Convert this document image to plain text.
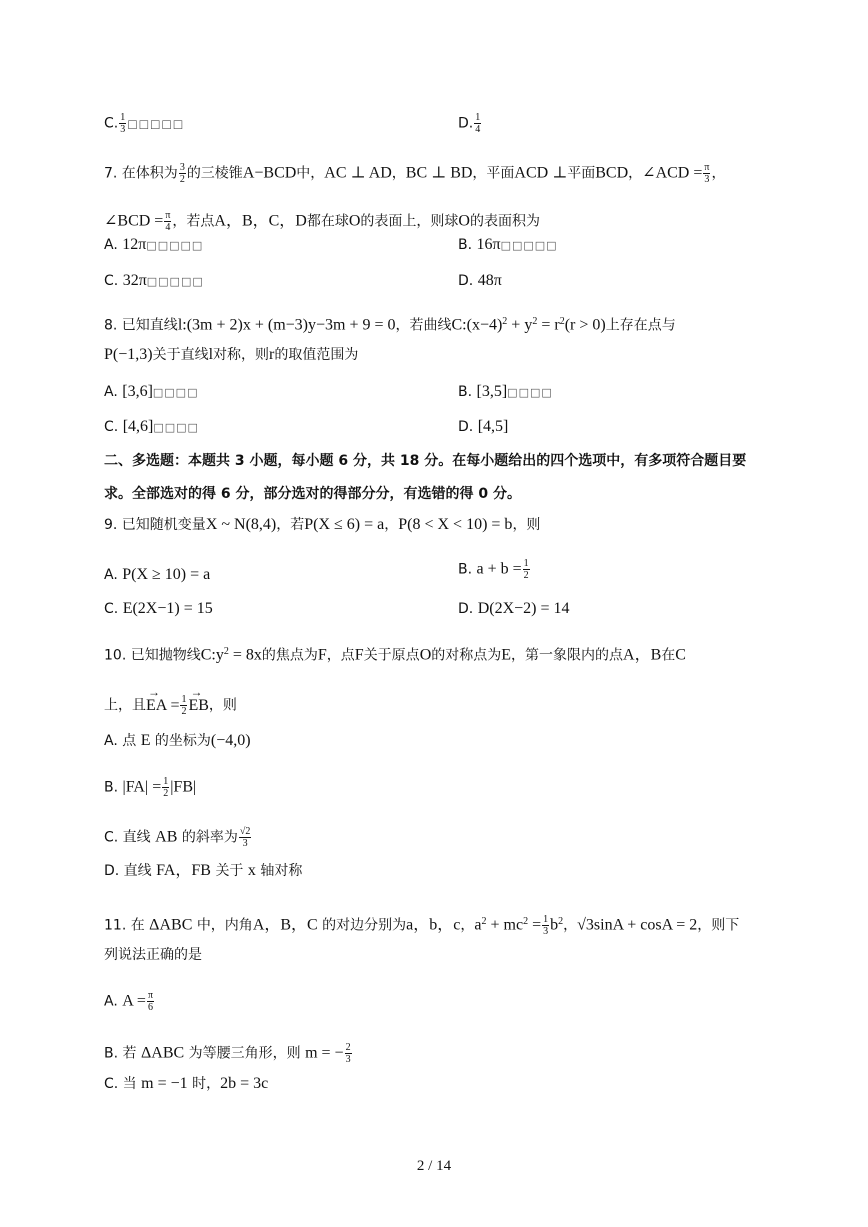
C. $\frac{1}{3}$ □□□□□	D. $\frac{1}{4}$
7. 在体积为 $\frac{3}{2}$ 的三棱锥A−BCD中，AC ⊥ AD，BC ⊥ BD，平面ACD ⊥平面BCD，∠ACD = $\frac{\pi}{3}$ ，
∠BCD = $\frac{\pi}{4}$ ，若点A，B，C，D都在球O的表面上，则球O的表面积为
A. 12π□□□□□	B. 16π□□□□□
C. 32π□□□□□	D. 48π
8. 已知直线l:(3m + 2)x + (m−3)y−3m + 9 = 0，若曲线$C:(x-4)^2 + y^2 = r^2(r > 0)$上存在点与
P(−1,3)关于直线l对称，则r的取值范围为
A. [3,6]□□□□	B. [3,5]□□□□
C. [4,6]□□□□	D. [4,5]
二、多选题：本题共 3 小题，每小题 6 分，共 18 分。在每小题给出的四个选项中，有多项符合题目要
求。全部选对的得 6 分，部分选对的得部分分，有选错的得 0 分。
9. 已知随机变量X ~ N(8,4)，若P(X ≤ 6) = a，P(8 < X < 10) = b，则
A. P(X ≥ 10) = a	B. $a + b = \frac{1}{2}$
C. E(2X−1) = 15	D. D(2X−2) = 14
10. 已知抛物线$C:y^2 = 8x$的焦点为F，点F关于原点O的对称点为E，第一象限内的点A，B在C
上，且
→
EA = $\frac{1}{2}$
→
EB，则
A. 点 E 的坐标为(−4,0)
B. $|FA| = \frac{1}{2} |FB|$
C. 直线 AB 的斜率为 $\frac{√2}{3}$
D. 直线 FA，FB 关于 x 轴对称
11. 在 ΔABC 中，内角A，B，C 的对边分别为a，b，c，$a^2 + mc^2 = \frac{1}{3} b^2$，√3sinA + cosA = 2，则下
列说法正确的是
A. $A = \frac{\pi}{6}$
B. 若 ΔABC 为等腰三角形，则 m = − $\frac{2}{3}$
C. 当 m = −1 时，2b = 3c
2 / 14
